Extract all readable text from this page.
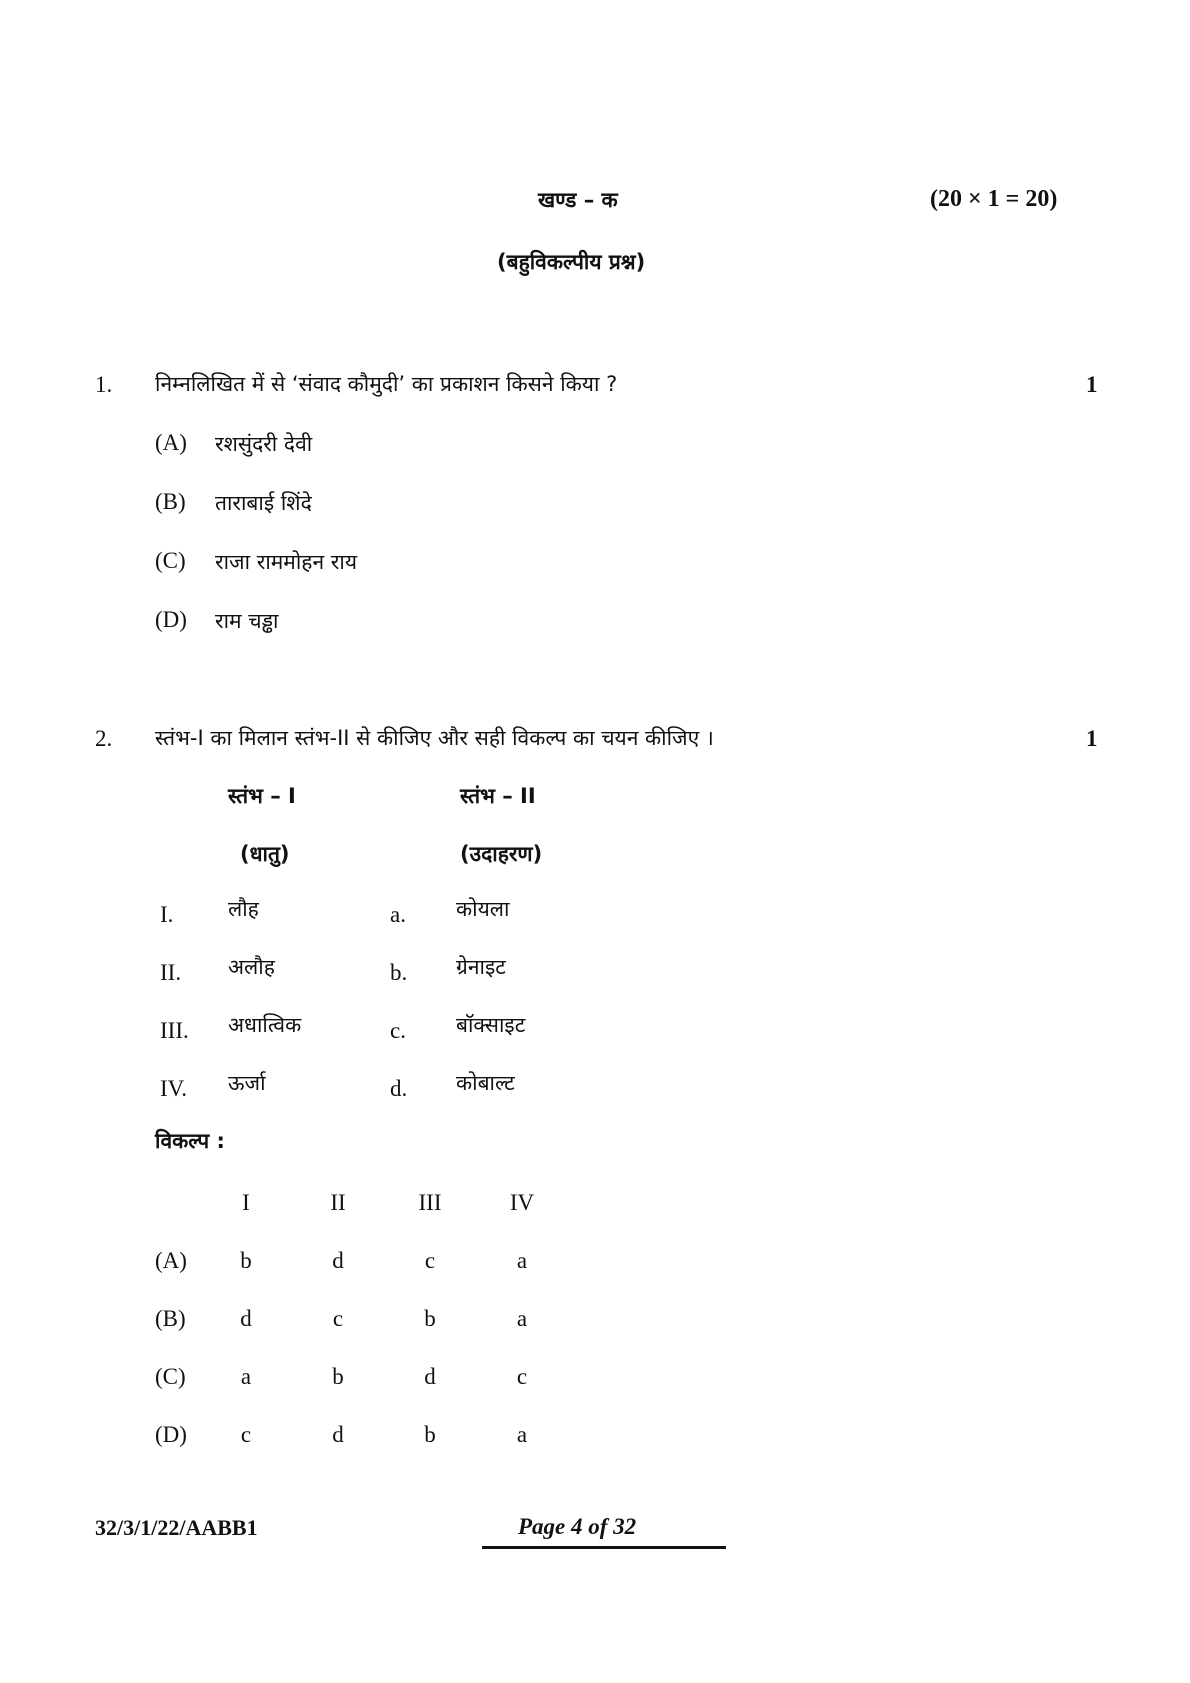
खण्ड – क	(20 × 1 = 20)
(बहुविकल्पीय प्रश्न)
1. निम्नलिखित में से ‘संवाद कौमुदी’ का प्रकाशन किसने किया ?	1
(A) रशसुंदरी देवी
(B) ताराबाई शिंदे
(C) राजा राममोहन राय
(D) राम चड्ढा
2. स्तंभ-I का मिलान स्तंभ-II से कीजिए और सही विकल्प का चयन कीजिए ।	1
स्तंभ – I	स्तंभ – II
(धातु)	(उदाहरण)
I.	लौह	a. कोयला
II. अलौह	b. ग्रेनाइट
III. अधात्विक	c. बॉक्साइट
IV. ऊर्जा	d. कोबाल्ट
विकल्प :
I	II	III	IV
(A)	b	d	c	a
(B)	d	c	b	a
(C)	a	b	d	c
(D)	c	d	b	a
32/3/1/22/AABB1	Page 4 of 32
